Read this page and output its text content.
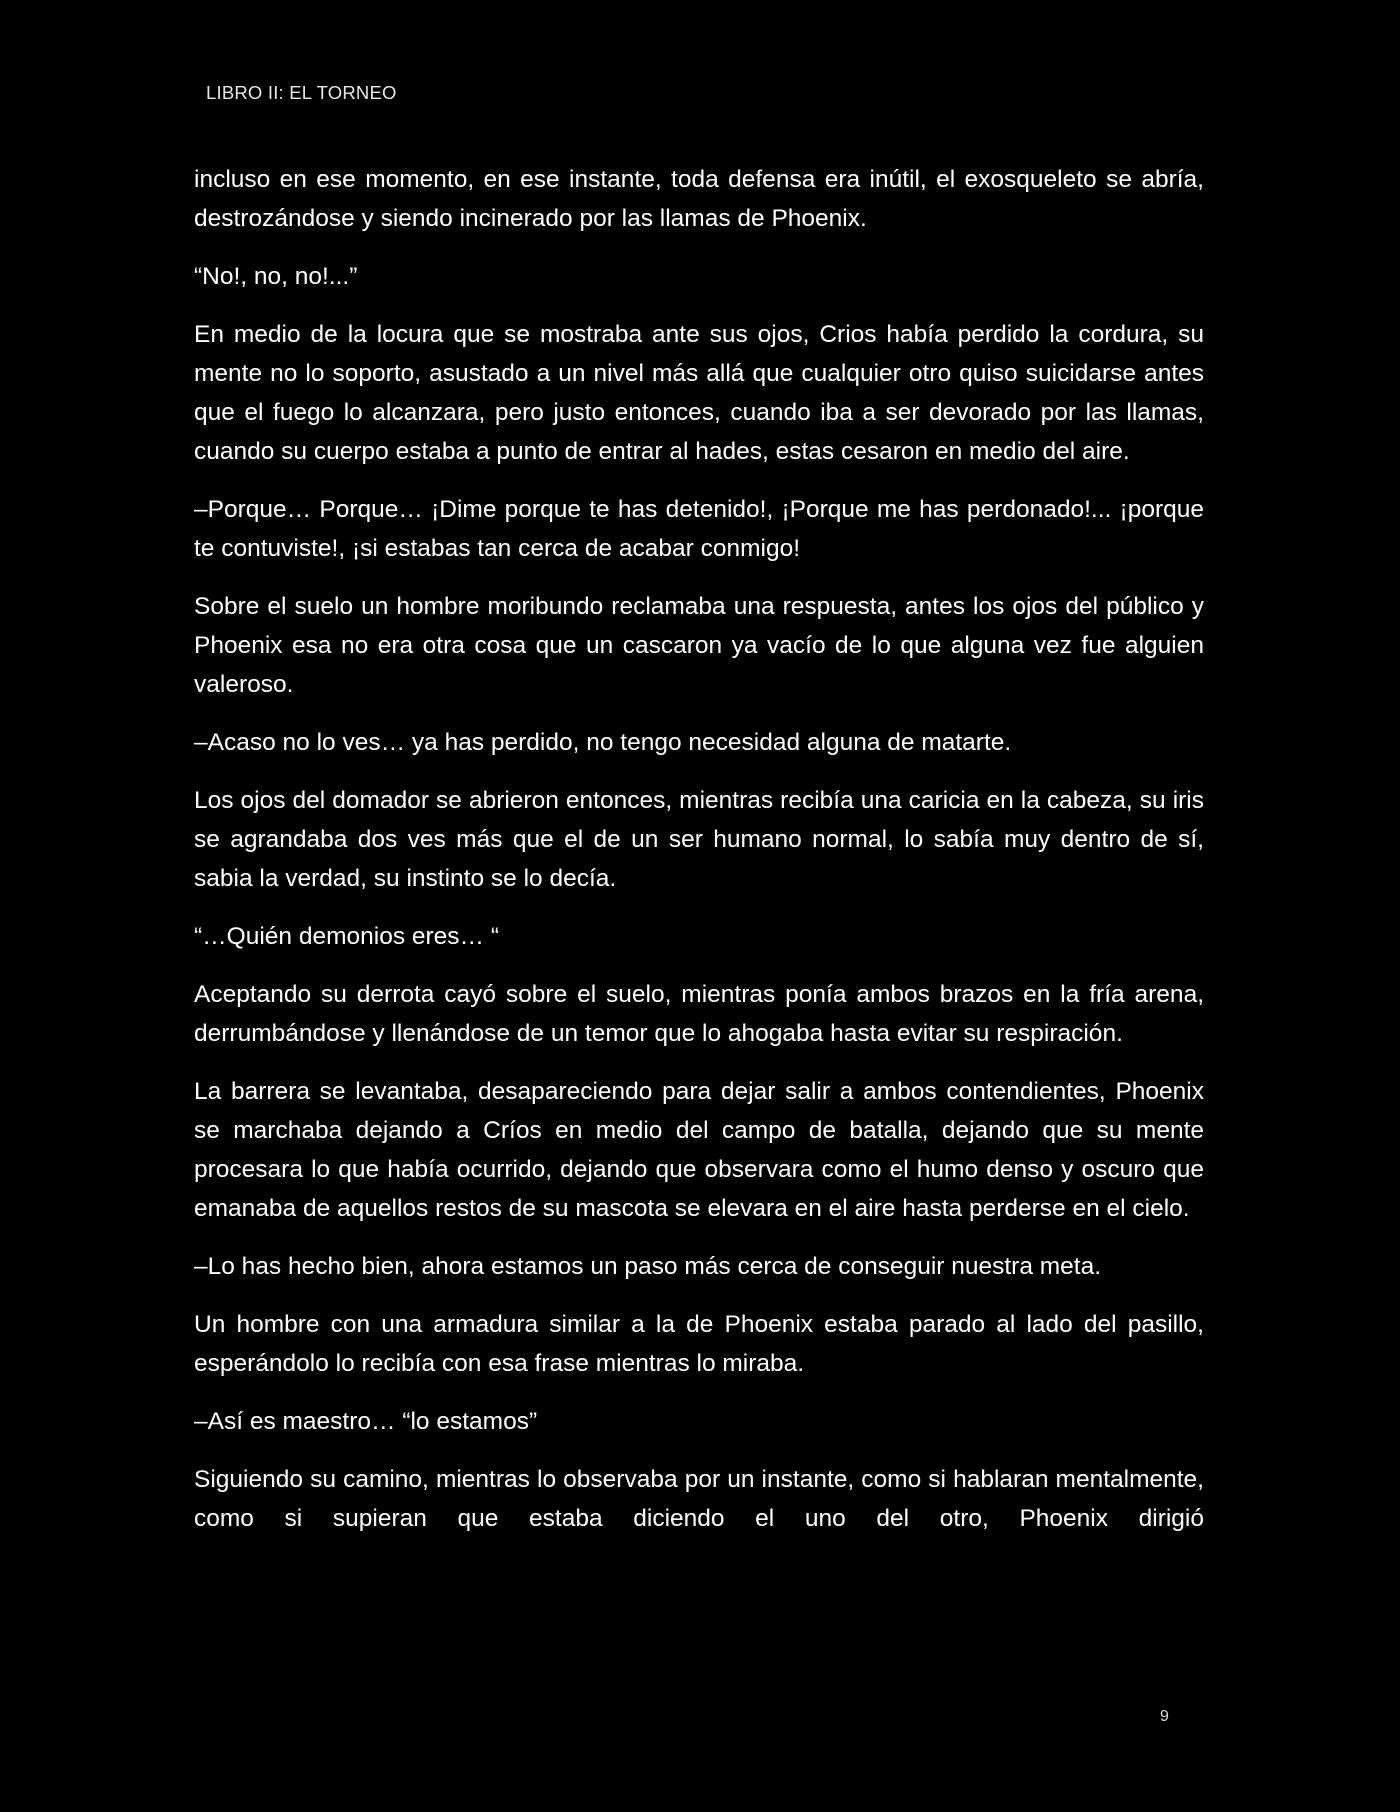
LIBRO II: EL TORNEO

incluso en ese momento, en ese instante, toda defensa era inútil, el exosqueleto se abría, destrozándose y siendo incinerado por las llamas de Phoenix.

“No!, no, no!...”

En medio de la locura que se mostraba ante sus ojos, Crios había perdido la cordura, su mente no lo soporto, asustado a un nivel más allá que cualquier otro quiso suicidarse antes que el fuego lo alcanzara, pero justo entonces, cuando iba a ser devorado por las llamas, cuando su cuerpo estaba a punto de entrar al hades, estas cesaron en medio del aire.

–Porque… Porque… ¡Dime porque te has detenido!, ¡Porque me has perdonado!... ¡porque te contuviste!, ¡si estabas tan cerca de acabar conmigo!

Sobre el suelo un hombre moribundo reclamaba una respuesta, antes los ojos del público y Phoenix esa no era otra cosa que un cascaron ya vacío de lo que alguna vez fue alguien valeroso.

–Acaso no lo ves… ya has perdido, no tengo necesidad alguna de matarte.

Los ojos del domador se abrieron entonces, mientras recibía una caricia en la cabeza, su iris se agrandaba dos ves más que el de un ser humano normal, lo sabía muy dentro de sí, sabia la verdad, su instinto se lo decía.

“…Quién demonios eres… “

Aceptando su derrota cayó sobre el suelo, mientras ponía ambos brazos en la fría arena, derrumbándose y llenándose de un temor que lo ahogaba hasta evitar su respiración.

La barrera se levantaba, desapareciendo para dejar salir a ambos contendientes, Phoenix se marchaba dejando a Críos en medio del campo de batalla, dejando que su mente procesara lo que había ocurrido, dejando que observara como el humo denso y oscuro que emanaba de aquellos restos de su mascota se elevara en el aire hasta perderse en el cielo.

–Lo has hecho bien, ahora estamos un paso más cerca de conseguir nuestra meta.

Un hombre con una armadura similar a la de Phoenix estaba parado al lado del pasillo, esperándolo lo recibía con esa frase mientras lo miraba.

–Así es maestro… “lo estamos”

Siguiendo su camino, mientras lo observaba por un instante, como si hablaran mentalmente, como si supieran que estaba diciendo el uno del otro, Phoenix dirigió

9
